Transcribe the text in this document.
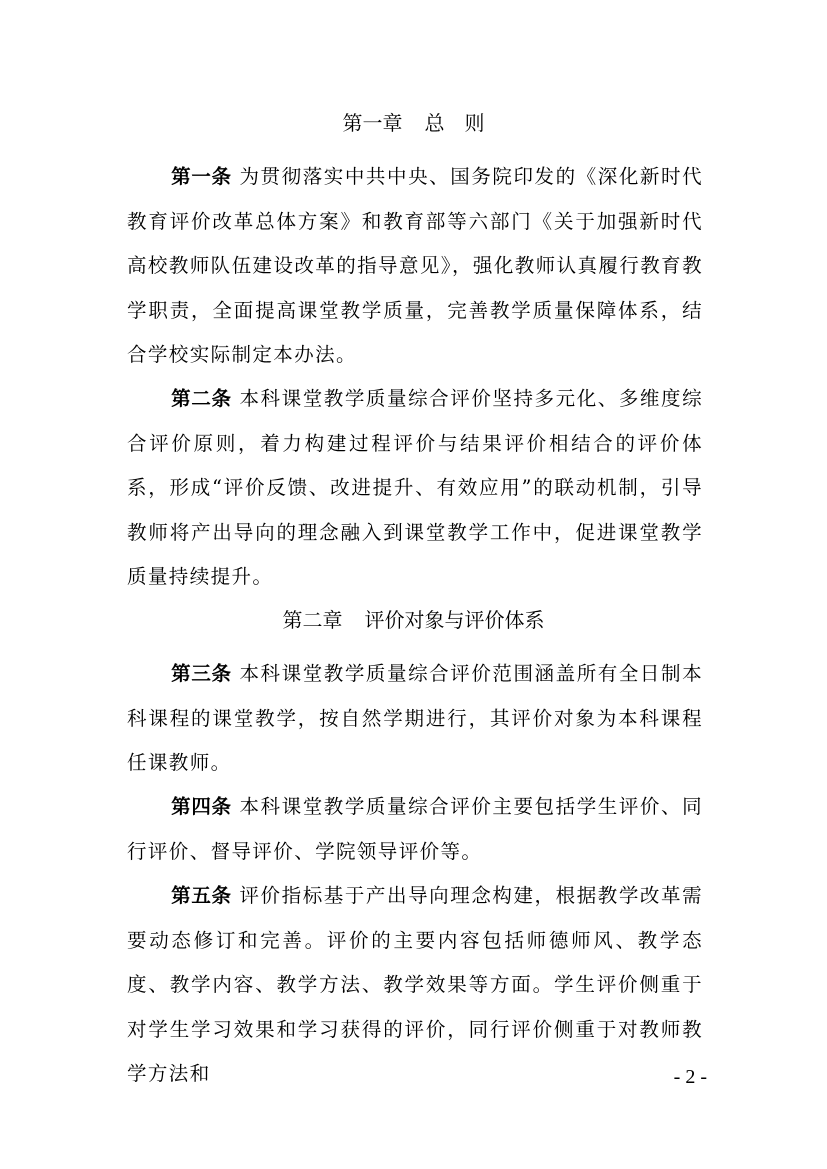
第一章 总　则

第一条 为贯彻落实中共中央、国务院印发的《深化新时代教育评价改革总体方案》和教育部等六部门《关于加强新时代高校教师队伍建设改革的指导意见》，强化教师认真履行教育教学职责，全面提高课堂教学质量，完善教学质量保障体系，结合学校实际制定本办法。

第二条 本科课堂教学质量综合评价坚持多元化、多维度综合评价原则，着力构建过程评价与结果评价相结合的评价体系，形成“评价反馈、改进提升、有效应用”的联动机制，引导教师将产出导向的理念融入到课堂教学工作中，促进课堂教学质量持续提升。

第二章 评价对象与评价体系

第三条 本科课堂教学质量综合评价范围涵盖所有全日制本科课程的课堂教学，按自然学期进行，其评价对象为本科课程任课教师。

第四条 本科课堂教学质量综合评价主要包括学生评价、同行评价、督导评价、学院领导评价等。

第五条 评价指标基于产出导向理念构建，根据教学改革需要动态修订和完善。评价的主要内容包括师德师风、教学态度、教学内容、教学方法、教学效果等方面。学生评价侧重于对学生学习效果和学习获得的评价，同行评价侧重于对教师教学方法和	- 2 -
